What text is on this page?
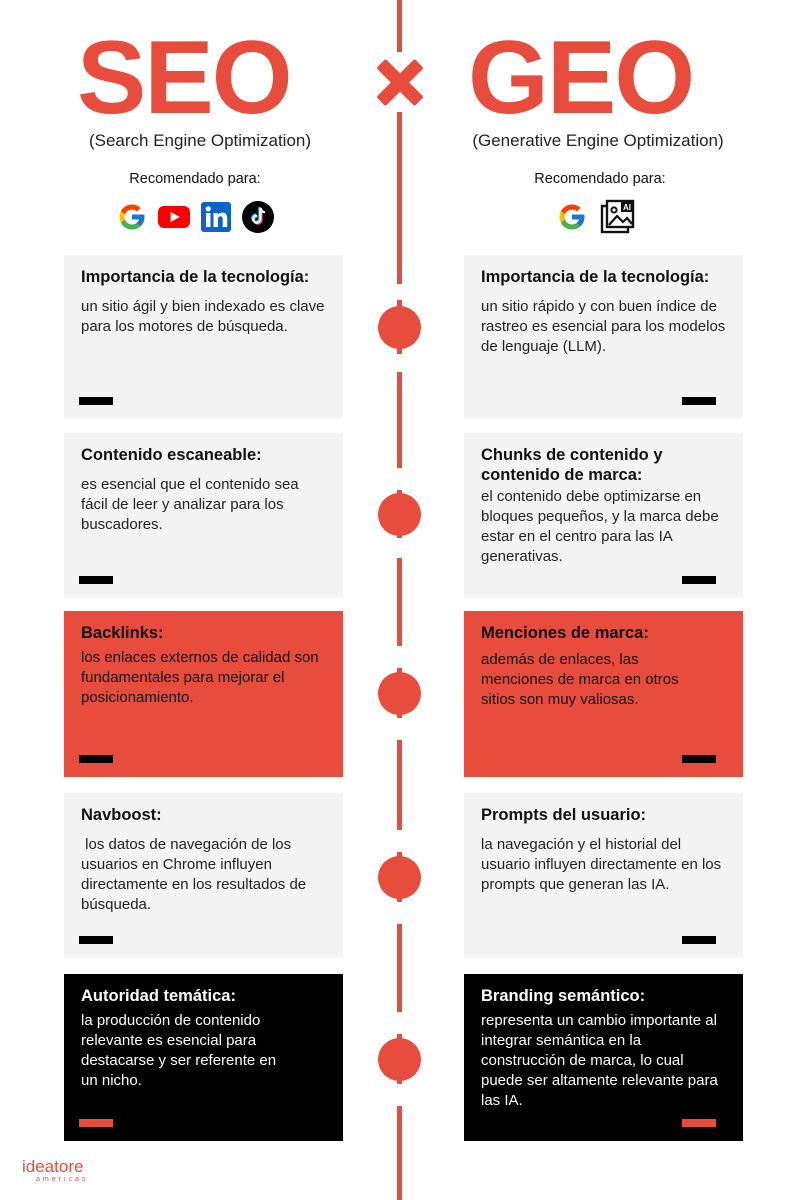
SEO GEO
(Search Engine Optimization)	(Generative Engine Optimization)
Recomendado para:	Recomendado para:
AI
Importancia de la tecnología:

un sitio ágil y bien indexado es clave para los motores de búsqueda.

Importancia de la tecnología:

un sitio rápido y con buen índice de rastreo es esencial para los modelos de lenguaje (LLM).

Contenido escaneable:

es esencial que el contenido sea fácil de leer y analizar para los buscadores.

Chunks de contenido y contenido de marca:

el contenido debe optimizarse en bloques pequeños, y la marca debe estar en el centro para las IA generativas.

Backlinks:

los enlaces externos de calidad son fundamentales para mejorar el posicionamiento.

Menciones de marca:

además de enlaces, las menciones de marca en otros sitios son muy valiosas.

Navboost:

los datos de navegación de los usuarios en Chrome influyen directamente en los resultados de búsqueda.

Prompts del usuario:

la navegación y el historial del usuario influyen directamente en los prompts que generan las IA.

Autoridad temática:

la producción de contenido relevante es esencial para destacarse y ser referente en un nicho.

Branding semántico:

representa un cambio importante al integrar semántica en la construcción de marca, lo cual puede ser altamente relevante para las IA.

ideatore
americas
